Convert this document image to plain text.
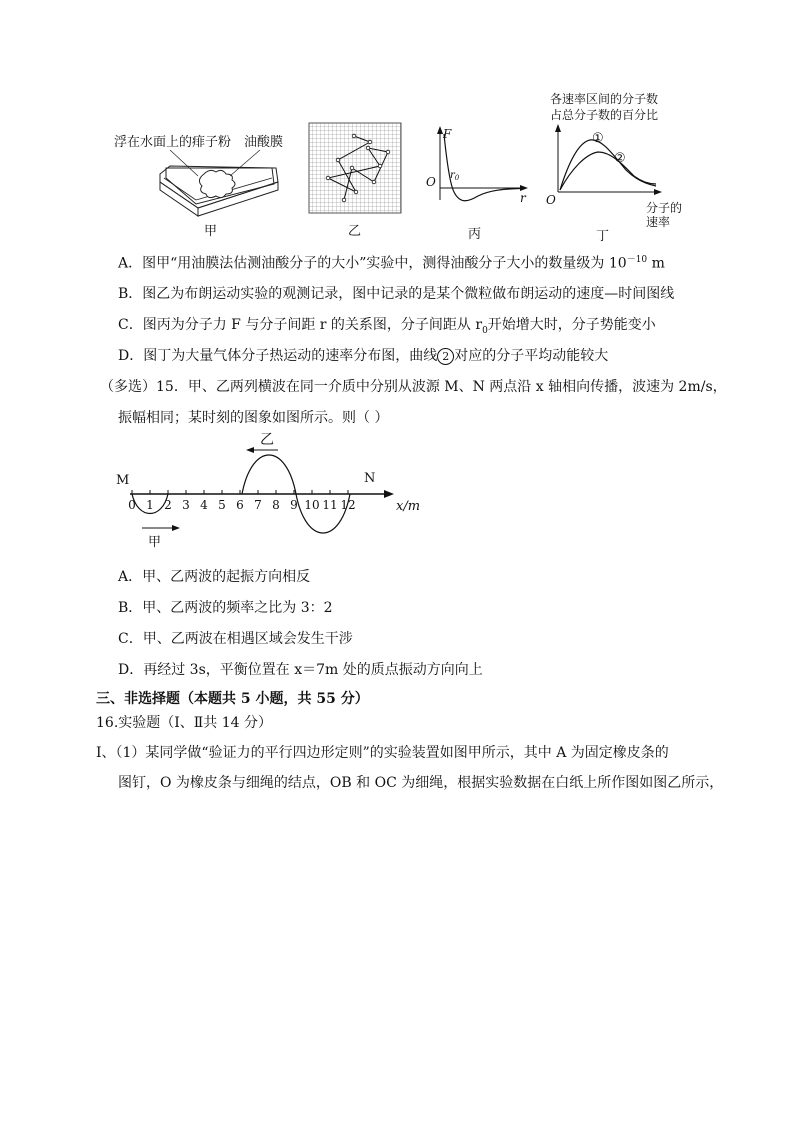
浮在水面上的痱子粉 油酸膜
甲	乙
F
r
O $r_0$
丙
各速率区间的分子数
占总分子数的百分比
O
①
②
分子的
速率
丁
A．图甲“用油膜法估测油酸分子的大小”实验中，测得油酸分子大小的数量级为 $10^{-10}$ m
B．图乙为布朗运动实验的观测记录，图中记录的是某个微粒做布朗运动的速度—时间图线
C．图丙为分子力 F 与分子间距 r 的关系图，分子间距从 $r_0$开始增大时，分子势能变小
D．图丁为大量气体分子热运动的速率分布图，曲线 2 对应的分子平均动能较大
（多选）15．甲、乙两列横波在同一介质中分别从波源 M、N 两点沿 x 轴相向传播，波速为 2m/s，
振幅相同；某时刻的图象如图所示。则（ ）
M	N
x/m
0 1 2 3 4 5 6 7 8 9 10 11 12
乙
甲
A．甲、乙两波的起振方向相反
B．甲、乙两波的频率之比为 3：2
C．甲、乙两波在相遇区域会发生干涉
D．再经过 3s，平衡位置在 x＝7m 处的质点振动方向向上
三、非选择题（本题共 5 小题，共 55 分）
16.实验题（Ⅰ、Ⅱ共 14 分）
Ⅰ、（1）某同学做“验证力的平行四边形定则”的实验装置如图甲所示，其中 A 为固定橡皮条的
图钉，O 为橡皮条与细绳的结点，OB 和 OC 为细绳，根据实验数据在白纸上所作图如图乙所示，
